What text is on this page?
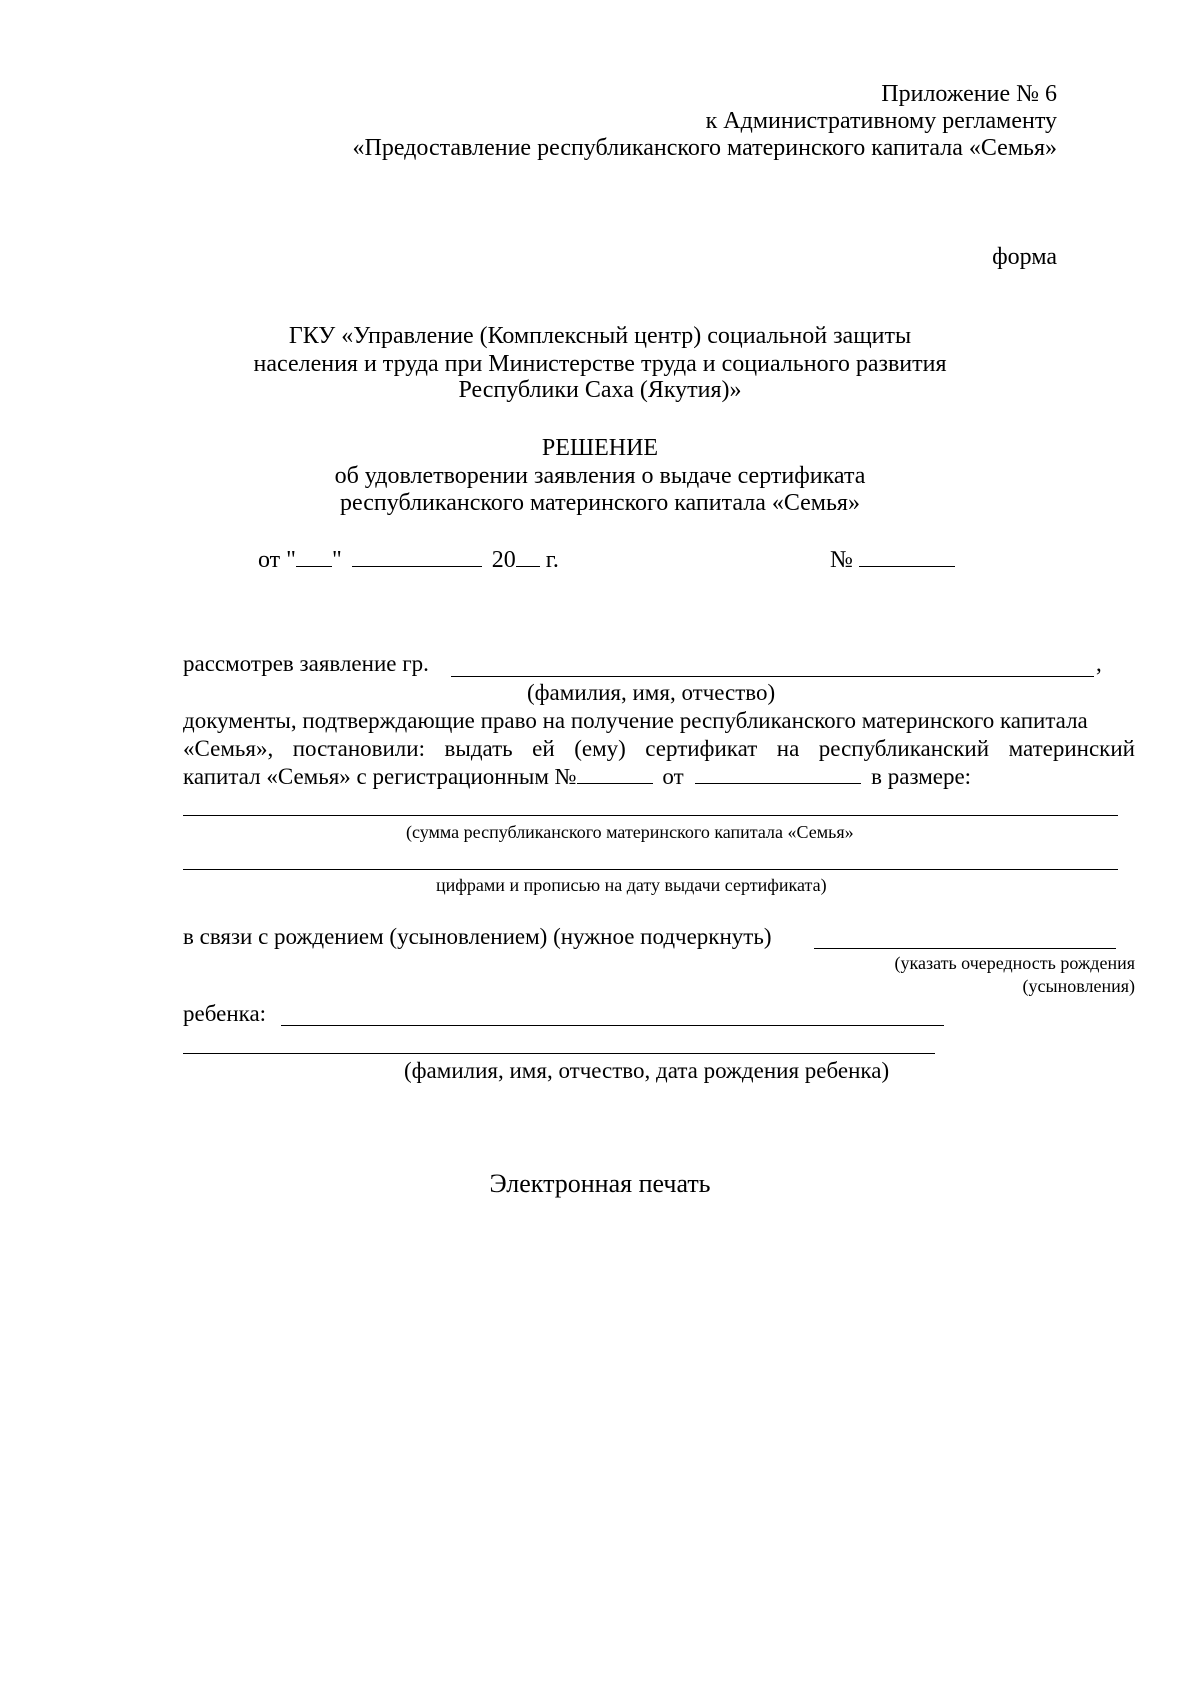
Приложение № 6
к Административному регламенту
«Предоставление республиканского материнского капитала «Семья»
форма
ГКУ «Управление (Комплексный центр) социальной защиты
населения и труда при Министерстве труда и социального развития
Республики Саха (Якутия)»
РЕШЕНИЕ
об удовлетворении заявления о выдаче сертификата
республиканского материнского капитала «Семья»
от " "	20 г.	№
рассмотрев заявление гр.	,
(фамилия, имя, отчество)
документы, подтверждающие право на получение республиканского материнского капитала
«Семья», постановили: выдать ей (ему) сертификат на республиканский материнский
капитал «Семья» с регистрационным №	от	в размере:
(сумма республиканского материнского капитала «Семья»
цифрами и прописью на дату выдачи сертификата)
в связи с рождением (усыновлением) (нужное подчеркнуть)
(указать очередность рождения
(усыновления)
ребенка:
(фамилия, имя, отчество, дата рождения ребенка)
Электронная печать
